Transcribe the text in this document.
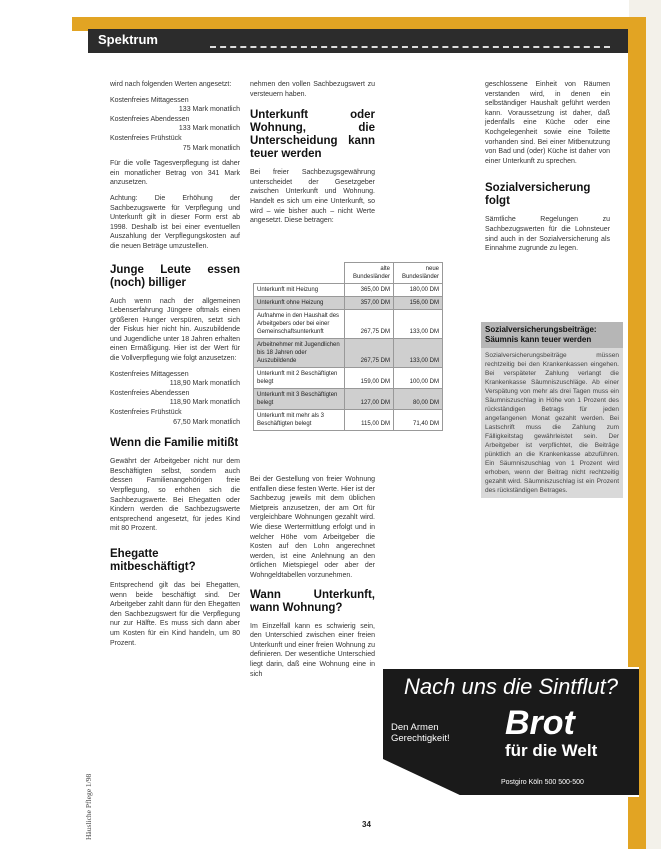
Spektrum
Häusliche Pflege 1/98

wird nach folgenden Werten angesetzt:

Kostenfreies Mittagessen
133 Mark monatlich
Kostenfreies Abendessen
133 Mark monatlich
Kostenfreies Frühstück
75 Mark monatlich

Für die volle Tagesverpflegung ist daher ein monatlicher Betrag von 341 Mark anzusetzen.

Achtung: Die Erhöhung der Sachbezugswerte für Verpflegung und Unterkunft gilt in dieser Form erst ab 1998. Deshalb ist bei einer eventuellen Auszahlung der Verpflegungskosten auf die neuen Beträge umzustellen.

Junge Leute essen (noch) billiger

Auch wenn nach der allgemeinen Lebenserfahrung Jüngere oftmals einen größeren Hunger verspüren, setzt sich der Fiskus hier nicht hin. Auszubildende und Jugendliche unter 18 Jahren erhalten einen Ermäßigung. Hier ist der Wert für die Vollverpflegung wie folgt anzusetzen:

Kostenfreies Mittagessen
118,90 Mark monatlich
Kostenfreies Abendessen
118,90 Mark monatlich
Kostenfreies Frühstück
67,50 Mark monatlich
Wenn die Familie mitißt

Gewährt der Arbeitgeber nicht nur dem Beschäftigten selbst, sondern auch dessen Familienangehörigen freie Verpflegung, so erhöhen sich die Sachbezugswerte. Bei Ehegatten oder Kindern werden die Sachbezugswerte entsprechend angesetzt, für jedes Kind mit 80 Prozent.

Ehegatte mitbeschäftigt?

Entsprechend gilt das bei Ehegatten, wenn beide beschäftigt sind. Der Arbeitgeber zahlt dann für den Ehegatten den Sachbezugswert für die Verpflegung nur zur Hälfte. Es muss sich dann aber um Kosten für ein Kind handeln, um 80 Prozent.

nehmen den vollen Sachbezugswert zu versteuern haben.

Unterkunft oder Wohnung, die Unterscheidung kann teuer werden

Bei freier Sachbezugsgewährung unterscheidet der Gesetzgeber zwischen Unterkunft und Wohnung. Handelt es sich um eine Unterkunft, so wird – wie bisher auch – nicht Werte angesetzt. Diese betragen:

	alte Bundesländer	neue Bundesländer
Unterkunft mit Heizung	365,00 DM	180,00 DM
Unterkunft ohne Heizung	357,00 DM	156,00 DM
Aufnahme in den Haushalt des Arbeitgebers oder bei einer Gemeinschaftsunterkunft	267,75 DM	133,00 DM
Arbeitnehmer mit Jugendlichen bis 18 Jahren oder Auszubildende	267,75 DM	133,00 DM
Unterkunft mit 2 Beschäftigten belegt	159,00 DM	100,00 DM
Unterkunft mit 3 Beschäftigten belegt	127,00 DM	80,00 DM
Unterkunft mit mehr als 3 Beschäftigten belegt	115,00 DM	71,40 DM

Bei der Gestellung von freier Wohnung entfallen diese festen Werte. Hier ist der Sachbezug jeweils mit dem üblichen Mietpreis anzusetzen, der am Ort für vergleichbare Wohnungen gezahlt wird. Wie diese Wertermittlung erfolgt und in welcher Höhe vom Arbeitgeber die Kosten auf den Lohn angerechnet werden, ist eine Anlehnung an den örtlichen Mietspiegel oder aber der Wohngeldtabellen vorzunehmen.

Wann Unterkunft, wann Wohnung?

Im Einzelfall kann es schwierig sein, den Unterschied zwischen einer freien Unterkunft und einer freien Wohnung zu definieren. Der wesentliche Unterschied liegt darin, daß eine Wohnung eine in sich

geschlossene Einheit von Räumen verstanden wird, in denen ein selbständiger Haushalt geführt werden kann. Voraussetzung ist daher, daß jedenfalls eine Küche oder eine Kochgelegenheit sowie eine Toilette vorhanden sind. Bei einer Mitbenutzung von Bad und (oder) Küche ist daher von einer Unterkunft zu sprechen.

Sozialversicherung folgt

Sämtliche Regelungen zu Sachbezugswerten für die Lohnsteuer sind auch in der Sozialversicherung als Einnahme zugrunde zu legen.

Sozialversicherungsbeiträge: Säumnis kann teuer werden
Sozialversicherungsbeiträge müssen rechtzeitig bei den Krankenkassen eingehen. Bei verspäteter Zahlung verlangt die Krankenkasse Säumniszuschläge. Ab einer Verspätung von mehr als drei Tagen muss ein Säumniszuschlag in Höhe von 1 Prozent des rückständigen Betrags für jeden angefangenen Monat gezahlt werden. Bei Lastschrift muss die Zahlung zum Fälligkeitstag gewährleistet sein. Der Arbeitgeber ist verpflichtet, die Beiträge pünktlich an die Krankenkasse abzuführen. Ein Säumniszuschlag von 1 Prozent wird erhoben, wenn der Beitrag nicht rechtzeitig gezahlt wird. Säumniszuschlag ist ein Prozent des rückständigen Betrages.
Nach uns die Sintflut?
Den Armen
Gerechtigkeit! Brot
für die Welt
Postgiro Köln 500 500-500
34
